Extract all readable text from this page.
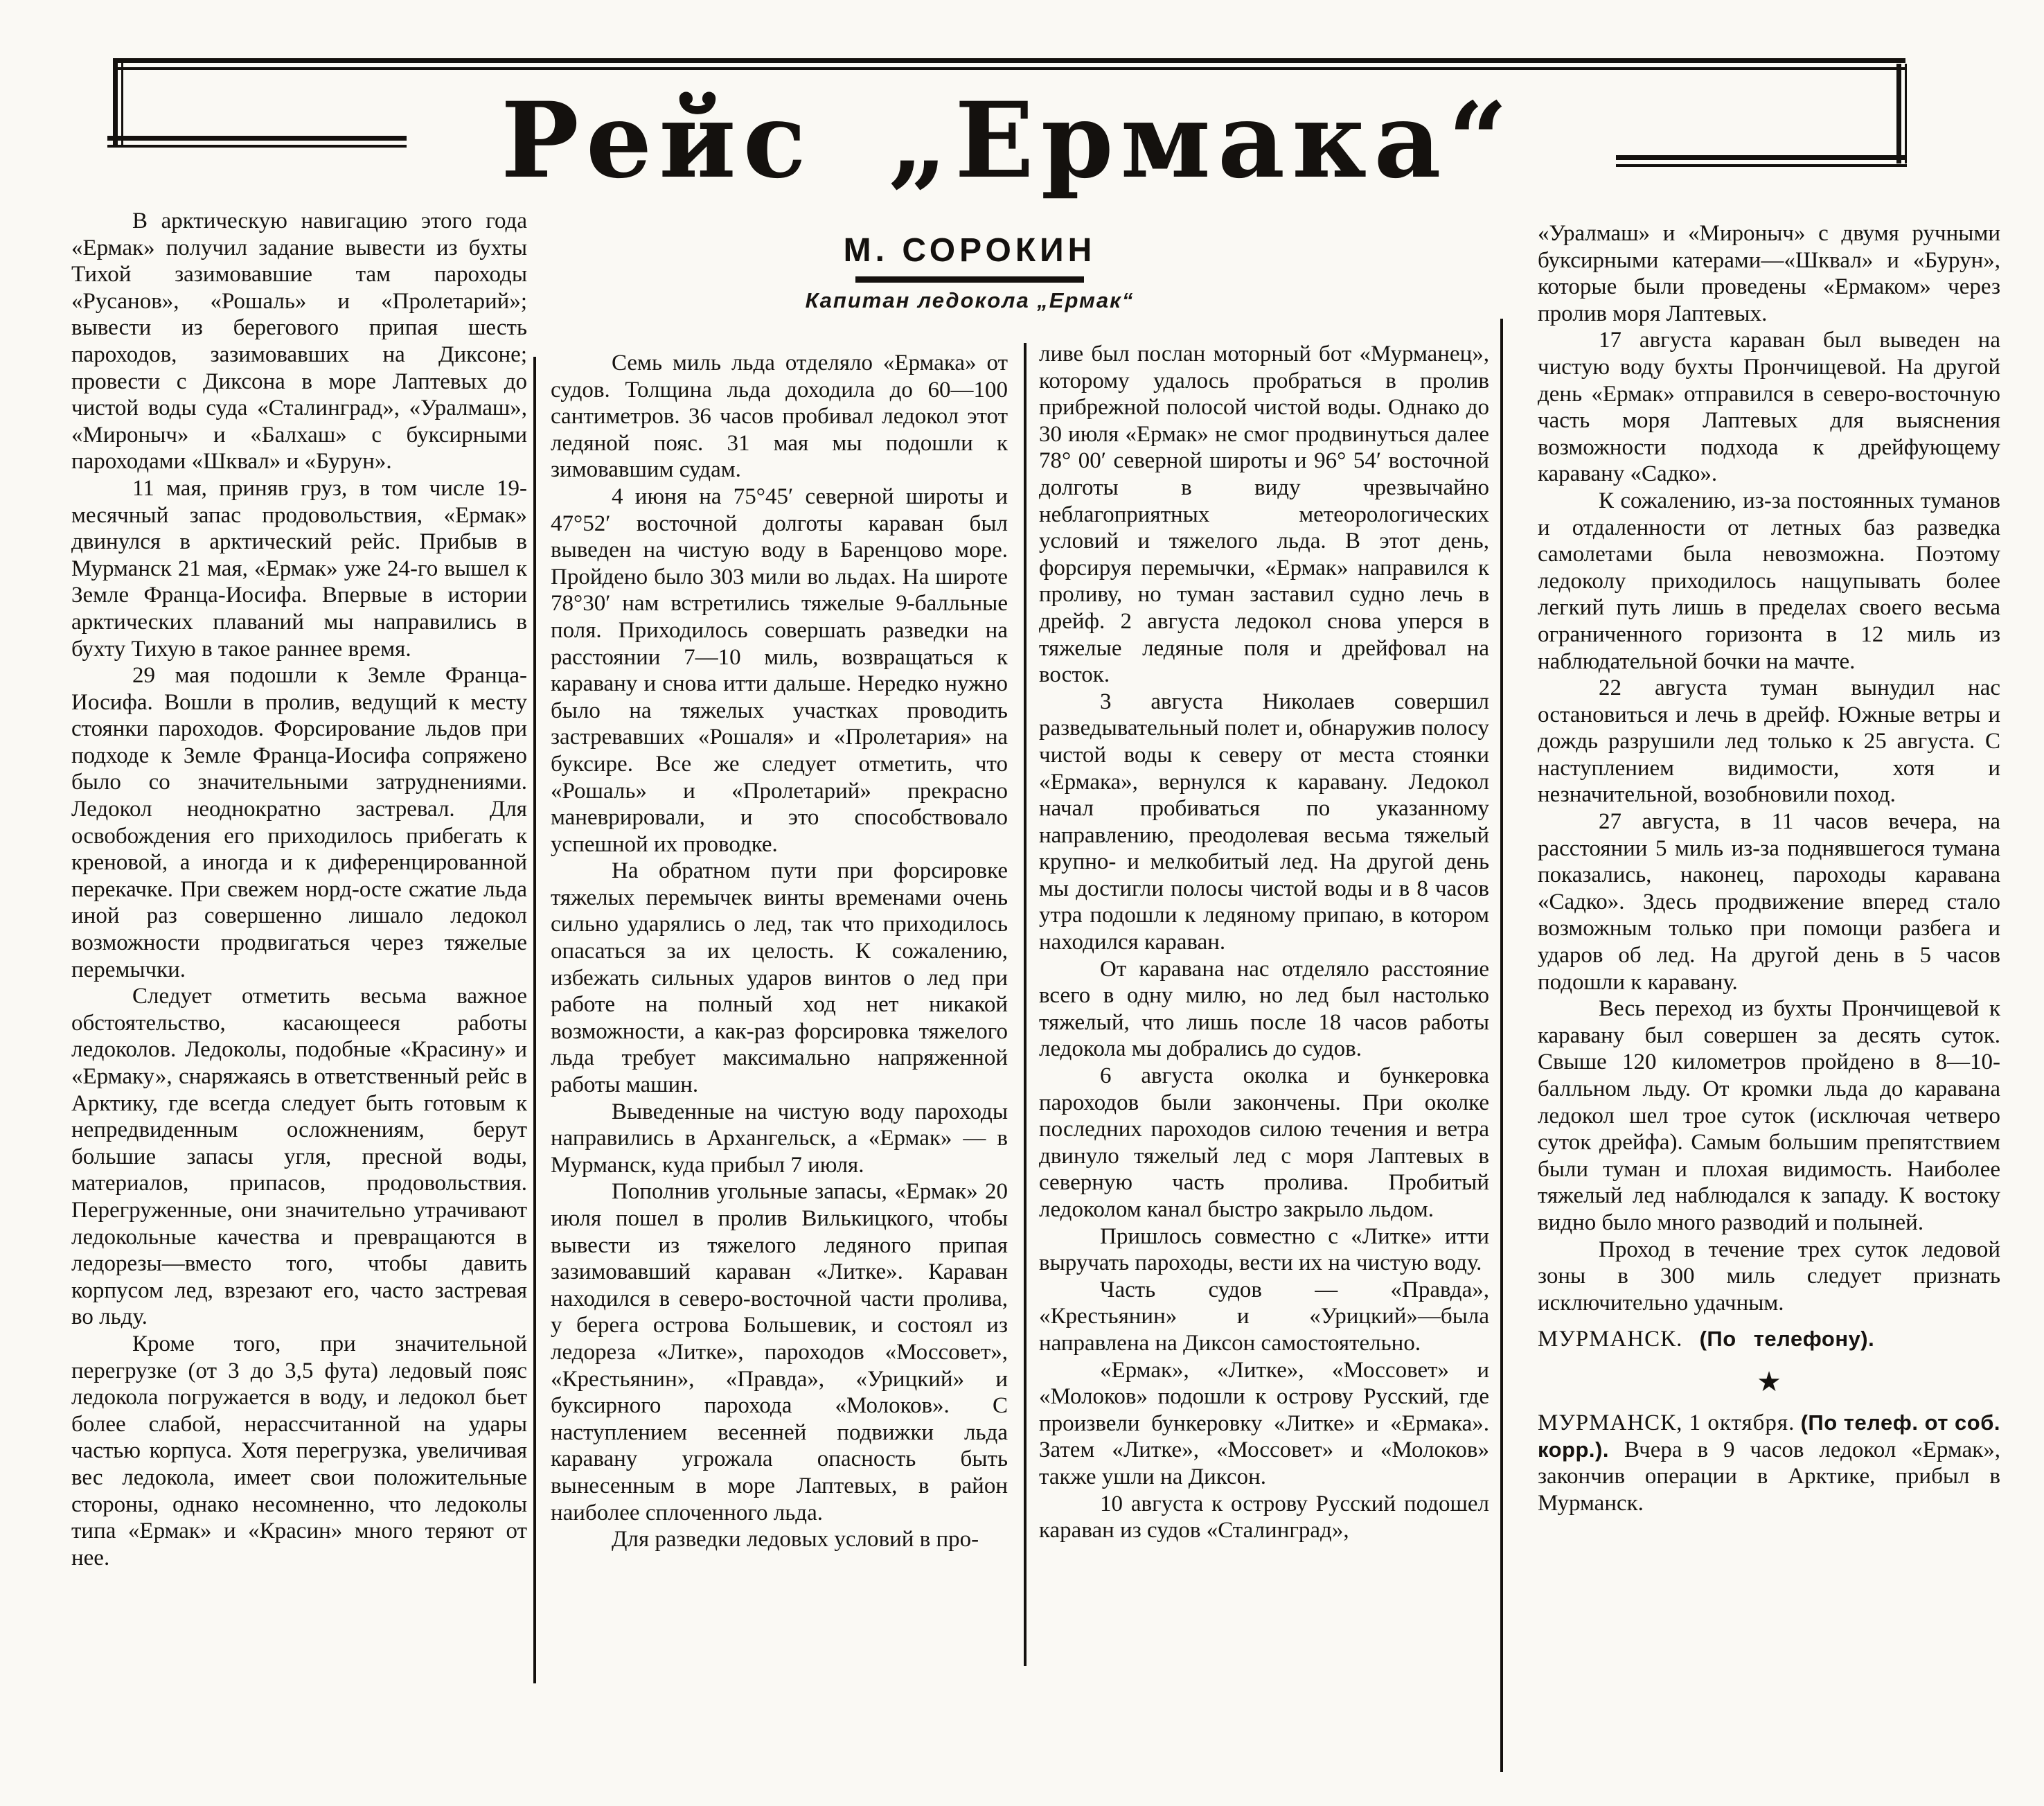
Рейс „Ермака“
М. СОРОКИН
Капитан ледокола „Ермак“

В арктическую навигацию этого года «Ермак» получил задание вывести из бухты Тихой зазимовавшие там пароходы «Русанов», «Рошаль» и «Пролетарий»; вывести из берегового припая шесть пароходов, зазимовавших на Диксоне; провести с Диксона в море Лаптевых до чистой воды суда «Сталинград», «Уралмаш», «Мироныч» и «Балхаш» с буксирными пароходами «Шквал» и «Бурун».

11 мая, приняв груз, в том числе 19-месячный запас продовольствия, «Ермак» двинулся в арктический рейс. Прибыв в Мурманск 21 мая, «Ермак» уже 24-го вышел к Земле Франца-Иосифа. Впервые в истории арктических плаваний мы направились в бухту Тихую в такое раннее время.

29 мая подошли к Земле Франца-Иосифа. Вошли в пролив, ведущий к месту стоянки пароходов. Форсирование льдов при подходе к Земле Франца-Иосифа сопряжено было со значительными затруднениями. Ледокол неоднократно застревал. Для освобождения его приходилось прибегать к креновой, а иногда и к диференцированной перекачке. При свежем норд-осте сжатие льда иной раз совершенно лишало ледокол возможности продвигаться через тяжелые перемычки.

Следует отметить весьма важное обстоятельство, касающееся работы ледоколов. Ледоколы, подобные «Красину» и «Ермаку», снаряжаясь в ответственный рейс в Арктику, где всегда следует быть готовым к непредвиденным осложнениям, берут большие запасы угля, пресной воды, материалов, припасов, продовольствия. Перегруженные, они значительно утрачивают ледокольные качества и превращаются в ледорезы—вместо того, чтобы давить корпусом лед, взрезают его, часто застревая во льду.

Кроме того, при значительной перегрузке (от 3 до 3,5 фута) ледовый пояс ледокола погружается в воду, и ледокол бьет более слабой, нерассчитанной на удары частью корпуса. Хотя перегрузка, увеличивая вес ледокола, имеет свои положительные стороны, однако несомненно, что ледоколы типа «Ермак» и «Красин» много теряют от нее.

Семь миль льда отделяло «Ермака» от судов. Толщина льда доходила до 60—100 сантиметров. 36 часов пробивал ледокол этот ледяной пояс. 31 мая мы подошли к зимовавшим судам.

4 июня на 75°45′ северной широты и 47°52′ восточной долготы караван был выведен на чистую воду в Баренцово море. Пройдено было 303 мили во льдах. На широте 78°30′ нам встретились тяжелые 9-балльные поля. Приходилось совершать разведки на расстоянии 7—10 миль, возвращаться к каравану и снова итти дальше. Нередко нужно было на тяжелых участках проводить застревавших «Рошаля» и «Пролетария» на буксире. Все же следует отметить, что «Рошаль» и «Пролетарий» прекрасно маневрировали, и это способствовало успешной их проводке.

На обратном пути при форсировке тяжелых перемычек винты временами очень сильно ударялись о лед, так что приходилось опасаться за их целость. К сожалению, избежать сильных ударов винтов о лед при работе на полный ход нет никакой возможности, а как-раз форсировка тяжелого льда требует максимально напряженной работы машин.

Выведенные на чистую воду пароходы направились в Архангельск, а «Ермак» — в Мурманск, куда прибыл 7 июля.

Пополнив угольные запасы, «Ермак» 20 июля пошел в пролив Вилькицкого, чтобы вывести из тяжелого ледяного припая зазимовавший караван «Литке». Караван находился в северо-восточной части пролива, у берега острова Большевик, и состоял из ледореза «Литке», пароходов «Моссовет», «Крестьянин», «Правда», «Урицкий» и буксирного парохода «Молоков». С наступлением весенней подвижки льда каравану угрожала опасность быть вынесенным в море Лаптевых, в район наиболее сплоченного льда.

Для разведки ледовых условий в про-

ливе был послан моторный бот «Мурманец», которому удалось пробраться в пролив прибрежной полосой чистой воды. Однако до 30 июля «Ермак» не смог продвинуться далее 78° 00′ северной широты и 96° 54′ восточной долготы в виду чрезвычайно неблагоприятных метеорологических условий и тяжелого льда. В этот день, форсируя перемычки, «Ермак» направился к проливу, но туман заставил судно лечь в дрейф. 2 августа ледокол снова уперся в тяжелые ледяные поля и дрейфовал на восток.

3 августа Николаев совершил разведывательный полет и, обнаружив полосу чистой воды к северу от места стоянки «Ермака», вернулся к каравану. Ледокол начал пробиваться по указанному направлению, преодолевая весьма тяжелый крупно- и мелкобитый лед. На другой день мы достигли полосы чистой воды и в 8 часов утра подошли к ледяному припаю, в котором находился караван.

От каравана нас отделяло расстояние всего в одну милю, но лед был настолько тяжелый, что лишь после 18 часов работы ледокола мы добрались до судов.

6 августа околка и бункеровка пароходов были закончены. При околке последних пароходов силою течения и ветра двинуло тяжелый лед с моря Лаптевых в северную часть пролива. Пробитый ледоколом канал быстро закрыло льдом.

Пришлось совместно с «Литке» итти выручать пароходы, вести их на чистую воду.

Часть судов — «Правда», «Крестьянин» и «Урицкий»—была направлена на Диксон самостоятельно.

«Ермак», «Литке», «Моссовет» и «Молоков» подошли к острову Русский, где произвели бункеровку «Литке» и «Ермака». Затем «Литке», «Моссовет» и «Молоков» также ушли на Диксон.

10 августа к острову Русский подошел караван из судов «Сталинград»,

«Уралмаш» и «Мироныч» с двумя ручными буксирными катерами—«Шквал» и «Бурун», которые были проведены «Ермаком» через пролив моря Лаптевых.

17 августа караван был выведен на чистую воду бухты Прончищевой. На другой день «Ермак» отправился в северо-восточную часть моря Лаптевых для выяснения возможности подхода к дрейфующему каравану «Садко».

К сожалению, из-за постоянных туманов и отдаленности от летных баз разведка самолетами была невозможна. Поэтому ледоколу приходилось нащупывать более легкий путь лишь в пределах своего весьма ограниченного горизонта в 12 миль из наблюдательной бочки на мачте.

22 августа туман вынудил нас остановиться и лечь в дрейф. Южные ветры и дождь разрушили лед только к 25 августа. С наступлением видимости, хотя и незначительной, возобновили поход.

27 августа, в 11 часов вечера, на расстоянии 5 миль из-за поднявшегося тумана показались, наконец, пароходы каравана «Садко». Здесь продвижение вперед стало возможным только при помощи разбега и ударов об лед. На другой день в 5 часов подошли к каравану.

Весь переход из бухты Прончищевой к каравану был совершен за десять суток. Свыше 120 километров пройдено в 8—10-балльном льду. От кромки льда до каравана ледокол шел трое суток (исключая четверо суток дрейфа). Самым большим препятствием были туман и плохая видимость. Наиболее тяжелый лед наблюдался к западу. К востоку видно было много разводий и полыней.

Проход в течение трех суток ледовой зоны в 300 миль следует признать исключительно удачным.

МУРМАНСК. (По телефону).

★

МУРМАНСК, 1 октября. (По телеф. от соб. корр.). Вчера в 9 часов ледокол «Ермак», закончив операции в Арктике, прибыл в Мурманск.
